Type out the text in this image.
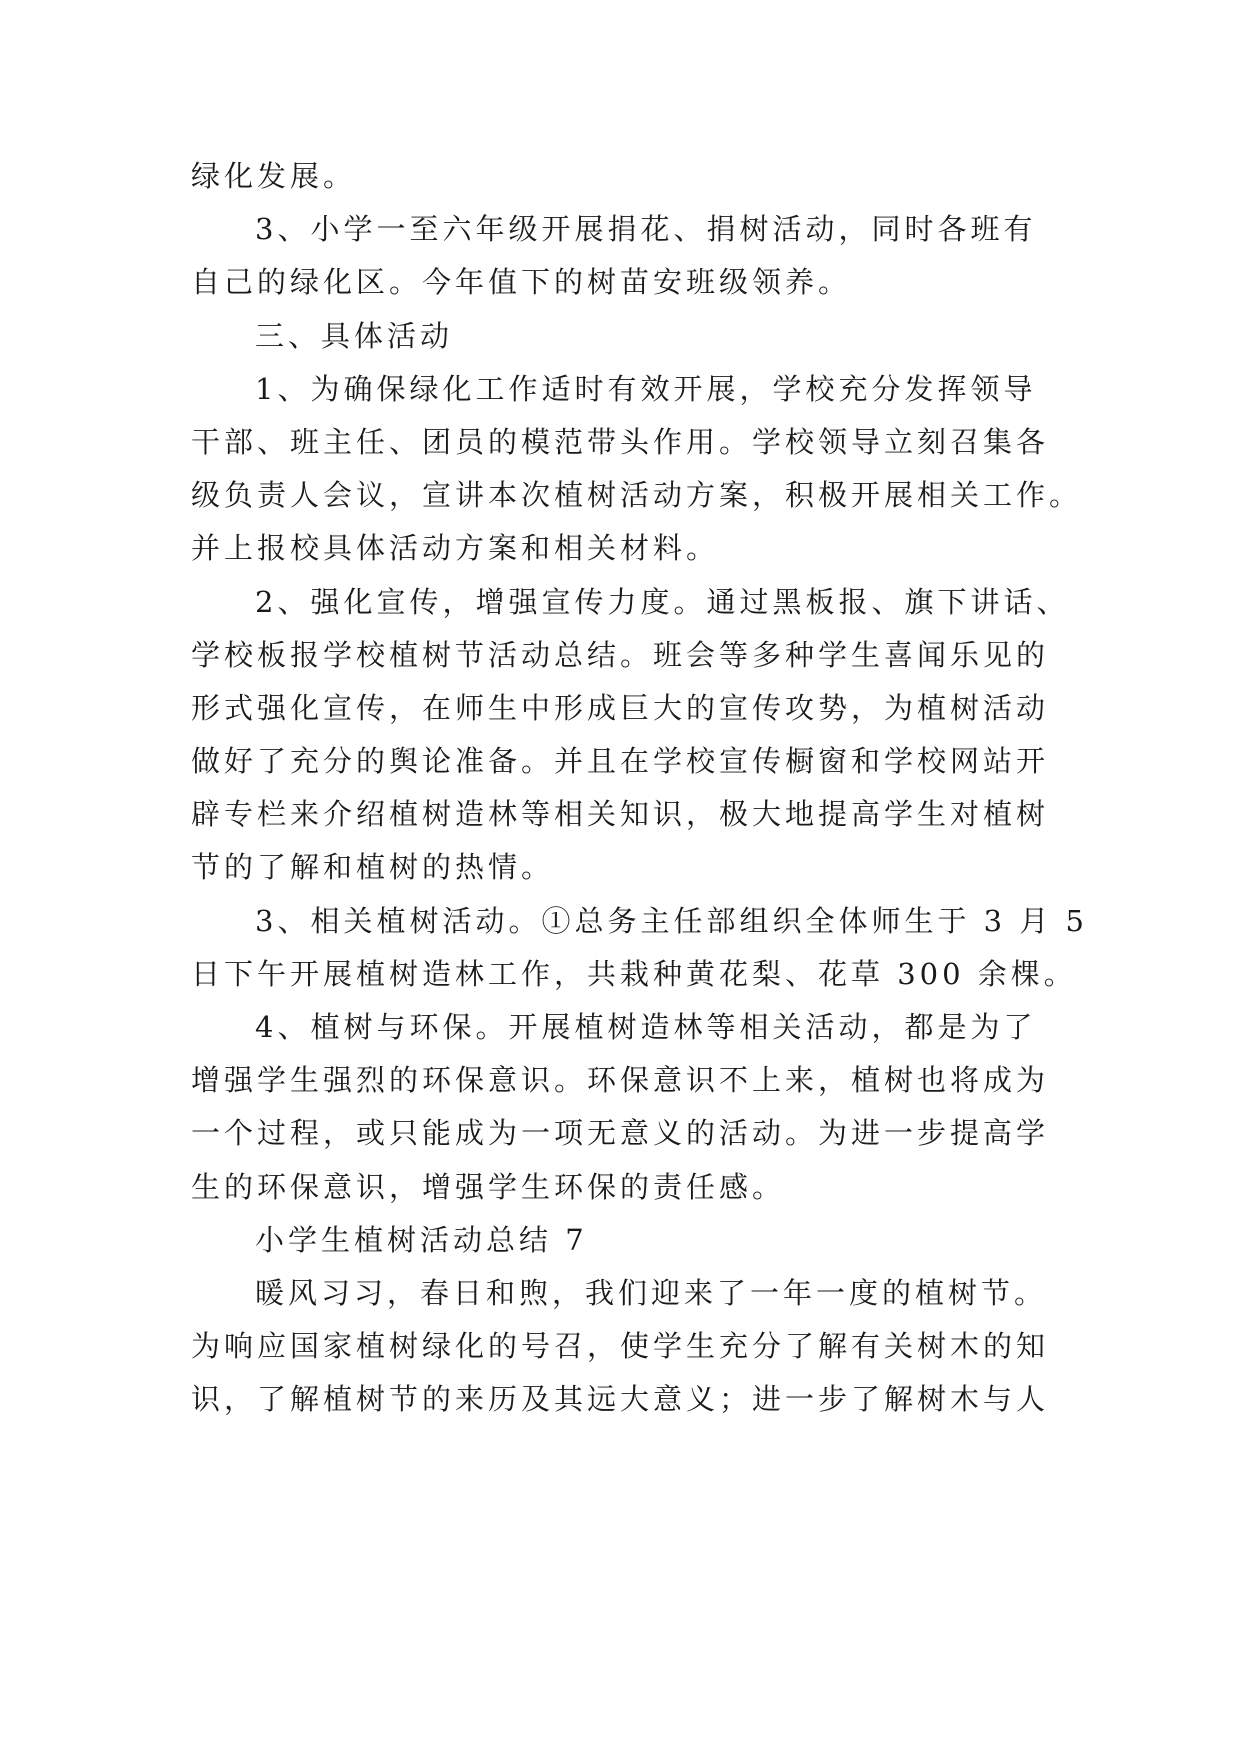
绿化发展。
3、小学一至六年级开展捐花、捐树活动，同时各班有
自己的绿化区。今年值下的树苗安班级领养。
三、具体活动
1、为确保绿化工作适时有效开展，学校充分发挥领导
干部、班主任、团员的模范带头作用。学校领导立刻召集各
级负责人会议，宣讲本次植树活动方案，积极开展相关工作。
并上报校具体活动方案和相关材料。
2、强化宣传，增强宣传力度。通过黑板报、旗下讲话、
学校板报学校植树节活动总结。班会等多种学生喜闻乐见的
形式强化宣传，在师生中形成巨大的宣传攻势，为植树活动
做好了充分的舆论准备。并且在学校宣传橱窗和学校网站开
辟专栏来介绍植树造林等相关知识，极大地提高学生对植树
节的了解和植树的热情。
3、相关植树活动。①总务主任部组织全体师生于 3 月 5
日下午开展植树造林工作，共栽种黄花梨、花草 300 余棵。
4、植树与环保。开展植树造林等相关活动，都是为了
增强学生强烈的环保意识。环保意识不上来，植树也将成为
一个过程，或只能成为一项无意义的活动。为进一步提高学
生的环保意识，增强学生环保的责任感。
小学生植树活动总结 7
暖风习习，春日和煦，我们迎来了一年一度的植树节。
为响应国家植树绿化的号召，使学生充分了解有关树木的知
识，了解植树节的来历及其远大意义；进一步了解树木与人
